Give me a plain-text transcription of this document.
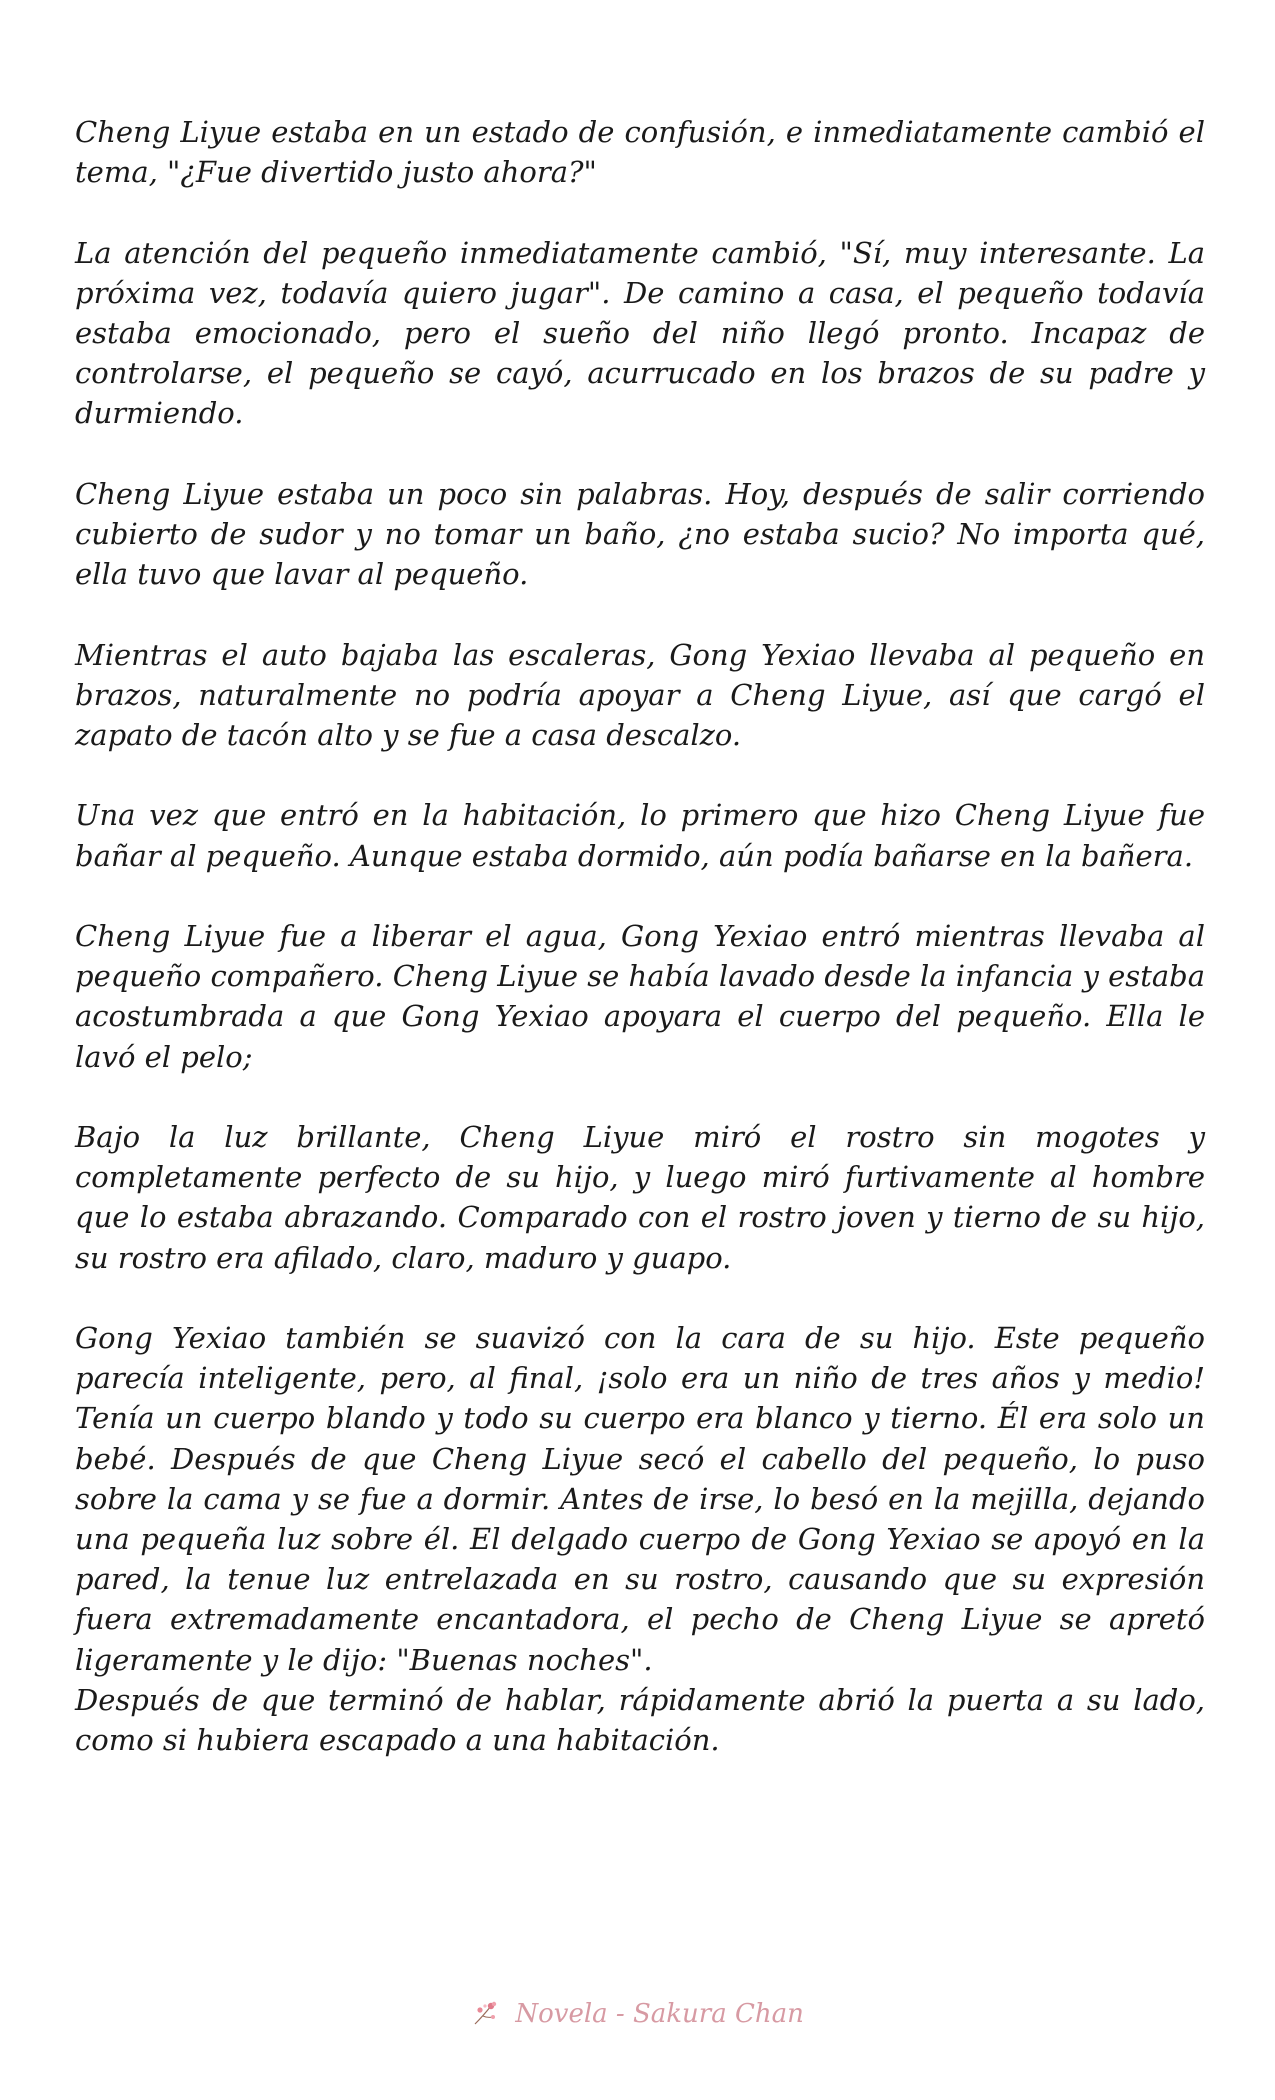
Cheng Liyue estaba en un estado de confusión, e inmediatamente cambió el tema, "¿Fue divertido justo ahora?"

La atención del pequeño inmediatamente cambió, "Sí, muy interesante. La próxima vez, todavía quiero jugar". De camino a casa, el pequeño todavía estaba emocionado, pero el sueño del niño llegó pronto. Incapaz de controlarse, el pequeño se cayó, acurrucado en los brazos de su padre y durmiendo.

Cheng Liyue estaba un poco sin palabras. Hoy, después de salir corriendo cubierto de sudor y no tomar un baño, ¿no estaba sucio? No importa qué, ella tuvo que lavar al pequeño.

Mientras el auto bajaba las escaleras, Gong Yexiao llevaba al pequeño en brazos, naturalmente no podría apoyar a Cheng Liyue, así que cargó el zapato de tacón alto y se fue a casa descalzo.

Una vez que entró en la habitación, lo primero que hizo Cheng Liyue fue bañar al pequeño. Aunque estaba dormido, aún podía bañarse en la bañera.

Cheng Liyue fue a liberar el agua, Gong Yexiao entró mientras llevaba al pequeño compañero. Cheng Liyue se había lavado desde la infancia y estaba acostumbrada a que Gong Yexiao apoyara el cuerpo del pequeño. Ella le lavó el pelo;

Bajo la luz brillante, Cheng Liyue miró el rostro sin mogotes y completamente perfecto de su hijo, y luego miró furtivamente al hombre que lo estaba abrazando. Comparado con el rostro joven y tierno de su hijo, su rostro era afilado, claro, maduro y guapo.

Gong Yexiao también se suavizó con la cara de su hijo. Este pequeño parecía inteligente, pero, al final, ¡solo era un niño de tres años y medio! Tenía un cuerpo blando y todo su cuerpo era blanco y tierno. Él era solo un bebé. Después de que Cheng Liyue secó el cabello del pequeño, lo puso sobre la cama y se fue a dormir. Antes de irse, lo besó en la mejilla, dejando una pequeña luz sobre él. El delgado cuerpo de Gong Yexiao se apoyó en la pared, la tenue luz entrelazada en su rostro, causando que su expresión fuera extremadamente encantadora, el pecho de Cheng Liyue se apretó ligeramente y le dijo: "Buenas noches".

Después de que terminó de hablar, rápidamente abrió la puerta a su lado, como si hubiera escapado a una habitación.

Novela - Sakura Chan
